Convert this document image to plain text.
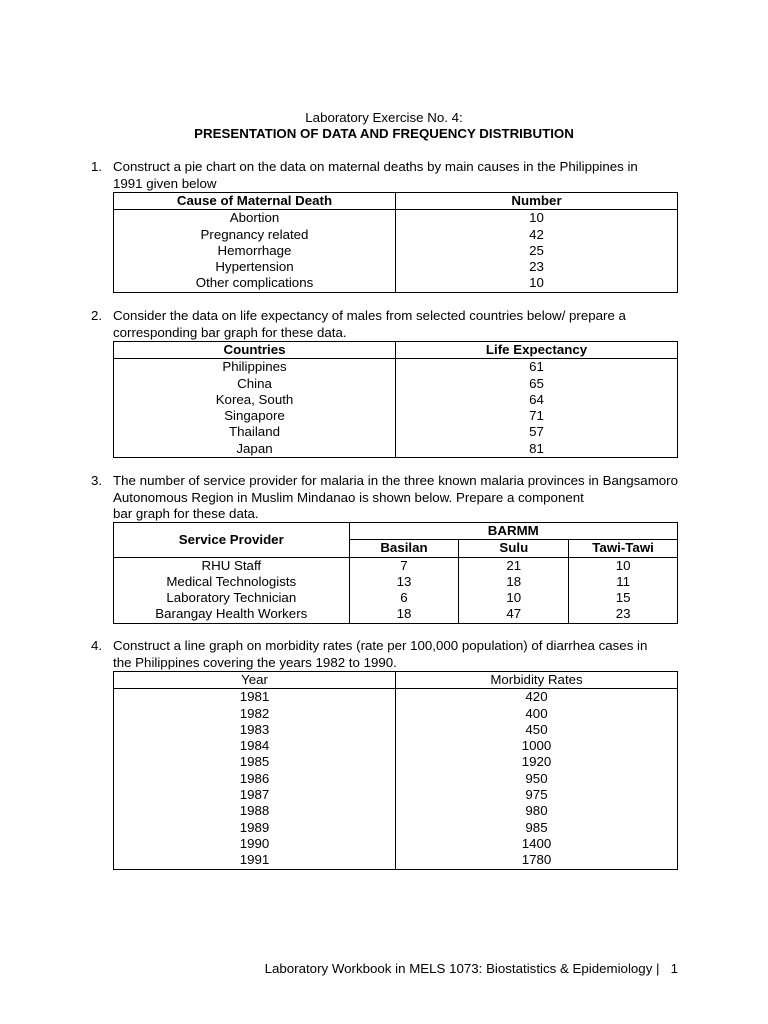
Laboratory Exercise No. 4:
PRESENTATION OF DATA AND FREQUENCY DISTRIBUTION
1. Construct a pie chart on the data on maternal deaths by main causes in the Philippines in
1991 given below
Cause of Maternal Death	Number
Abortion	10
Pregnancy related	42
Hemorrhage	25
Hypertension	23
Other complications	10
2. Consider the data on life expectancy of males from selected countries below/ prepare a
corresponding bar graph for these data.
Countries	Life Expectancy
Philippines	61
China	65
Korea, South	64
Singapore	71
Thailand	57
Japan	81
3. The number of service provider for malaria in the three known malaria provinces in Bangsamoro Autonomous Region in Muslim Mindanao is shown below. Prepare a component
bar graph for these data.
Service Provider	BARMM		
	Basilan	Sulu	Tawi-Tawi
RHU Staff	7	21	10
Medical Technologists	13	18	11
Laboratory Technician	6	10	15
Barangay Health Workers	18	47	23
4. Construct a line graph on morbidity rates (rate per 100,000 population) of diarrhea cases in
the Philippines covering the years 1982 to 1990.
Year	Morbidity Rates
1981	420
1982	400
1983	450
1984	1000
1985	1920
1986	950
1987	975
1988	980
1989	985
1990	1400
1991	1780
Laboratory Workbook in MELS 1073: Biostatistics & Epidemiology | 1
